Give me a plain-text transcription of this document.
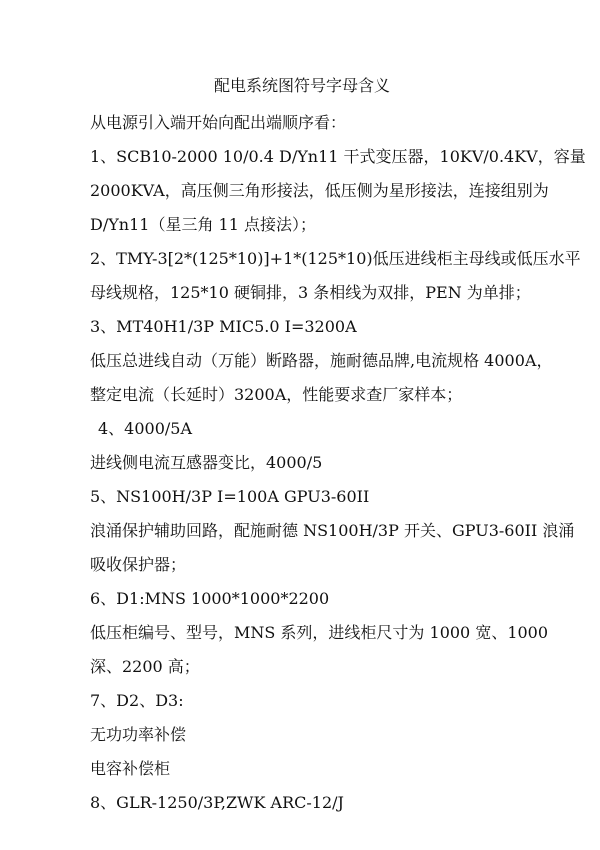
配电系统图符号字母含义

从电源引入端开始向配出端顺序看：

1、SCB10-2000 10/0.4 D/Yn11 干式变压器，10KV/0.4KV，容量

2000KVA，高压侧三角形接法，低压侧为星形接法，连接组别为

D/Yn11（星三角 11 点接法）；

2、TMY-3[2*(125*10)]+1*(125*10)低压进线柜主母线或低压水平

母线规格，125*10 硬铜排，3 条相线为双排，PEN 为单排；

3、MT40H1/3P MIC5.0 I=3200A

低压总进线自动（万能）断路器，施耐德品牌,电流规格 4000A，

整定电流（长延时）3200A，性能要求查厂家样本；

4、4000/5A

进线侧电流互感器变比，4000/5

5、NS100H/3P I=100A GPU3-60II

浪涌保护辅助回路，配施耐德 NS100H/3P 开关、GPU3-60II 浪涌

吸收保护器；

6、D1:MNS 1000*1000*2200

低压柜编号、型号，MNS 系列，进线柜尺寸为 1000 宽、1000

深、2200 高；

7、D2、D3:

无功功率补偿

电容补偿柜

8、GLR-1250/3P,ZWK ARC-12/J
